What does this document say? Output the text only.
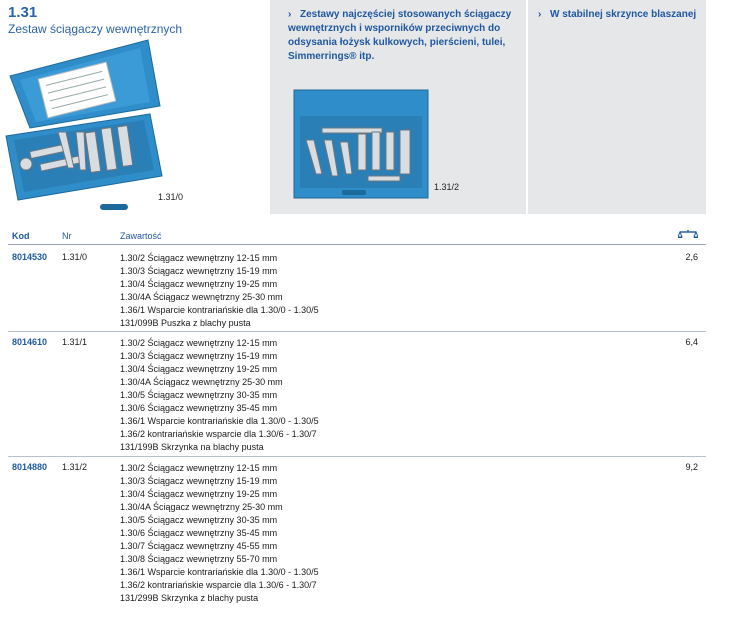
1.31
Zestaw ściągaczy wewnętrznych
1.31/0
› Zestawy najczęściej stosowanych ściągaczy wewnętrznych i wsporników przeciwnych do odsysania łożysk kulkowych, pierścieni, tulei, Simmerrings® itp.
1.31/2
› W stabilnej skrzynce blaszanej
Kod	Nr	Zawartość
8014530 1.31/0	1.30/2 Ściągacz wewnętrzny 12-15 mm
1.30/3 Ściągacz wewnętrzny 15-19 mm
1.30/4 Ściągacz wewnętrzny 19-25 mm
1.30/4A Ściągacz wewnętrzny 25-30 mm
1.36/1 Wsparcie kontrariańskie dla 1.30/0 - 1.30/5
131/099B Puszka z blachy pusta
2,6
8014610 1.31/1	1.30/2 Ściągacz wewnętrzny 12-15 mm
1.30/3 Ściągacz wewnętrzny 15-19 mm
1.30/4 Ściągacz wewnętrzny 19-25 mm
1.30/4A Ściągacz wewnętrzny 25-30 mm
1.30/5 Ściągacz wewnętrzny 30-35 mm
1.30/6 Ściągacz wewnętrzny 35-45 mm
1.36/1 Wsparcie kontrariańskie dla 1.30/0 - 1.30/5
1.36/2 kontrariańskie wsparcie dla 1.30/6 - 1.30/7
131/199B Skrzynka na blachy pusta
6,4
8014880 1.31/2	1.30/2 Ściągacz wewnętrzny 12-15 mm
1.30/3 Ściągacz wewnętrzny 15-19 mm
1.30/4 Ściągacz wewnętrzny 19-25 mm
1.30/4A Ściągacz wewnętrzny 25-30 mm
1.30/5 Ściągacz wewnętrzny 30-35 mm
1.30/6 Ściągacz wewnętrzny 35-45 mm
1.30/7 Ściągacz wewnętrzny 45-55 mm
1.30/8 Ściągacz wewnętrzny 55-70 mm
1.36/1 Wsparcie kontrariańskie dla 1.30/0 - 1.30/5
1.36/2 kontrariańskie wsparcie dla 1.30/6 - 1.30/7
131/299B Skrzynka z blachy pusta
9,2
